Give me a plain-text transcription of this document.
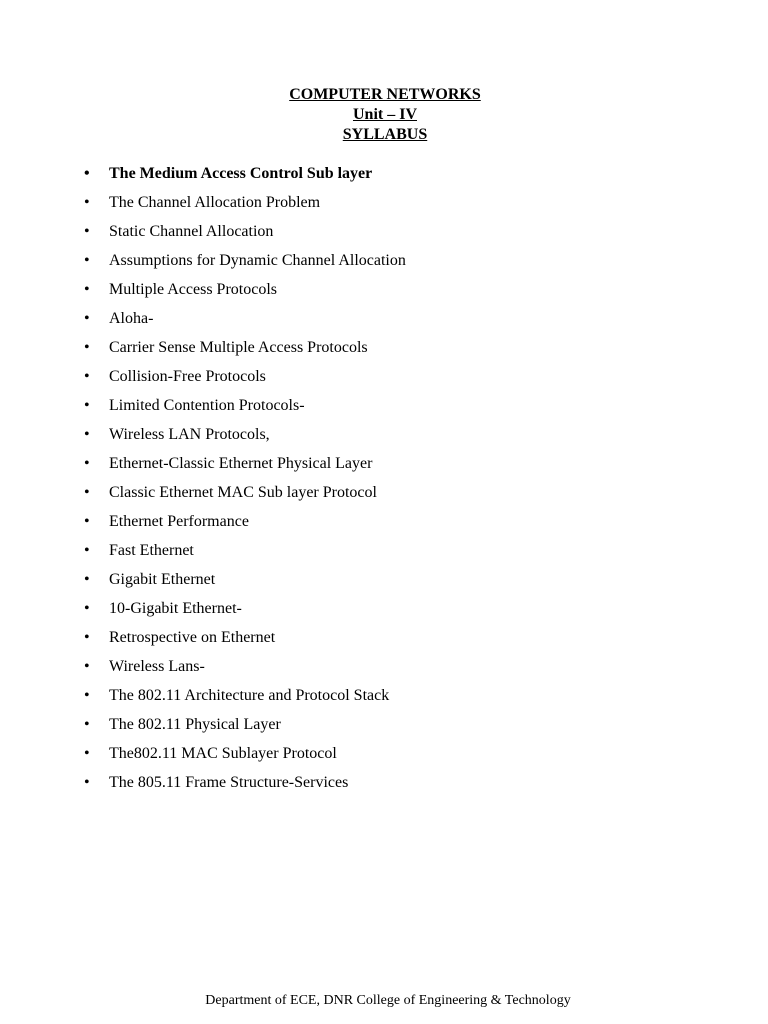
COMPUTER NETWORKS
Unit – IV
SYLLABUS
• The Medium Access Control Sub layer
• The Channel Allocation Problem
• Static Channel Allocation
• Assumptions for Dynamic Channel Allocation
• Multiple Access Protocols
• Aloha-
• Carrier Sense Multiple Access Protocols
• Collision-Free Protocols
• Limited Contention Protocols-
• Wireless LAN Protocols,
• Ethernet-Classic Ethernet Physical Layer
• Classic Ethernet MAC Sub layer Protocol
• Ethernet Performance
• Fast Ethernet
• Gigabit Ethernet
• 10-Gigabit Ethernet-
• Retrospective on Ethernet
• Wireless Lans-
• The 802.11 Architecture and Protocol Stack
• The 802.11 Physical Layer
• The802.11 MAC Sublayer Protocol
• The 805.11 Frame Structure-Services
Department of ECE, DNR College of Engineering & Technology
